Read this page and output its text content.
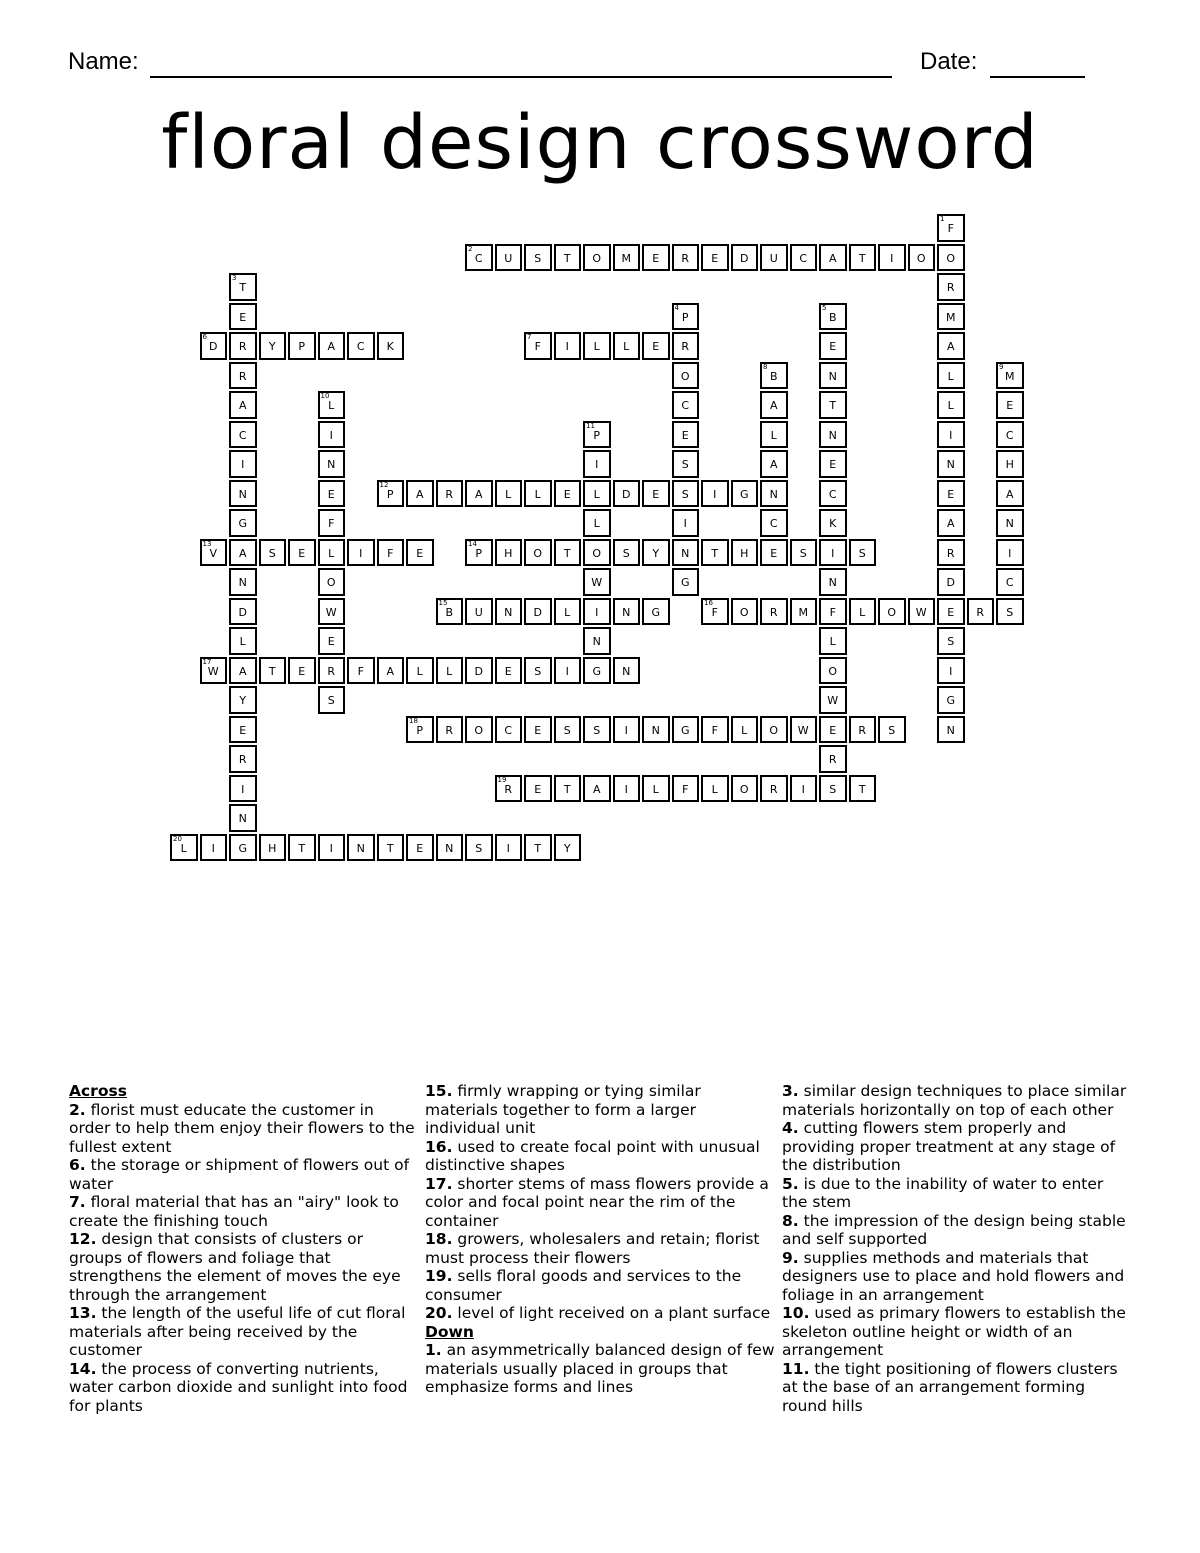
Name:	Date:
floral design crossword
1
F
O
R
M
A
L
L
I
N
E
A
R
D
E
S
I
G
N
2
C	U	S	T	O	M	E	R	E	D	U	C	A	T	I	O
3
T
E
R
R
A
C
I
N
G
A
N
D
L
A
Y
E
R
I
N
G
4
P
R
O
C
E
S
S
I
N
G
5
B
E
N
T
N
E
C
K
I
N
F
L
O
W
E
R
6
D	Y	P	A	C	K
7
F	I	L	L	E
8
B
A
L
A
N
C
E
9
M
E
C
H
A
N
I
C
S
10
L
I
N
E
F
L
O
W
E
R
S
11
P
I
L
L
O
W
I
N
G
12
P	A	R	A	L	L	E	D	E	I	G
13
V	S	E	I	F	E
14
P	H	O	T	S	Y	T	H	S	S
15
B	U	N	D	L	N	G
16
F	O	R	M	L	O	W	R
17
W	T	E	F	A	L	L	D	E	S	I	N
18
P	R	O	C	E	S	S	I	N	G	F	L	O	W	R	S
19
R	E	T	A	I	L	F	L	O	R	I	S	T
20
L	I	H	T	I	N	T	E	N	S	I	T	Y
Across
2. florist must educate the customer in order to help them enjoy their flowers to the fullest extent
6. the storage or shipment of flowers out of water
7. floral material that has an "airy" look to create the finishing touch
12. design that consists of clusters or groups of flowers and foliage that strengthens the element of moves the eye through the arrangement
13. the length of the useful life of cut floral materials after being received by the customer
14. the process of converting nutrients, water carbon dioxide and sunlight into food for plants
15. firmly wrapping or tying similar materials together to form a larger individual unit
16. used to create focal point with unusual distinctive shapes
17. shorter stems of mass flowers provide a color and focal point near the rim of the container
18. growers, wholesalers and retain; florist must process their flowers
19. sells floral goods and services to the consumer
20. level of light received on a plant surface
Down
1. an asymmetrically balanced design of few materials usually placed in groups that emphasize forms and lines
3. similar design techniques to place similar materials horizontally on top of each other
4. cutting flowers stem properly and providing proper treatment at any stage of the distribution
5. is due to the inability of water to enter the stem
8. the impression of the design being stable and self supported
9. supplies methods and materials that designers use to place and hold flowers and foliage in an arrangement
10. used as primary flowers to establish the skeleton outline height or width of an arrangement
11. the tight positioning of flowers clusters at the base of an arrangement forming round hills
